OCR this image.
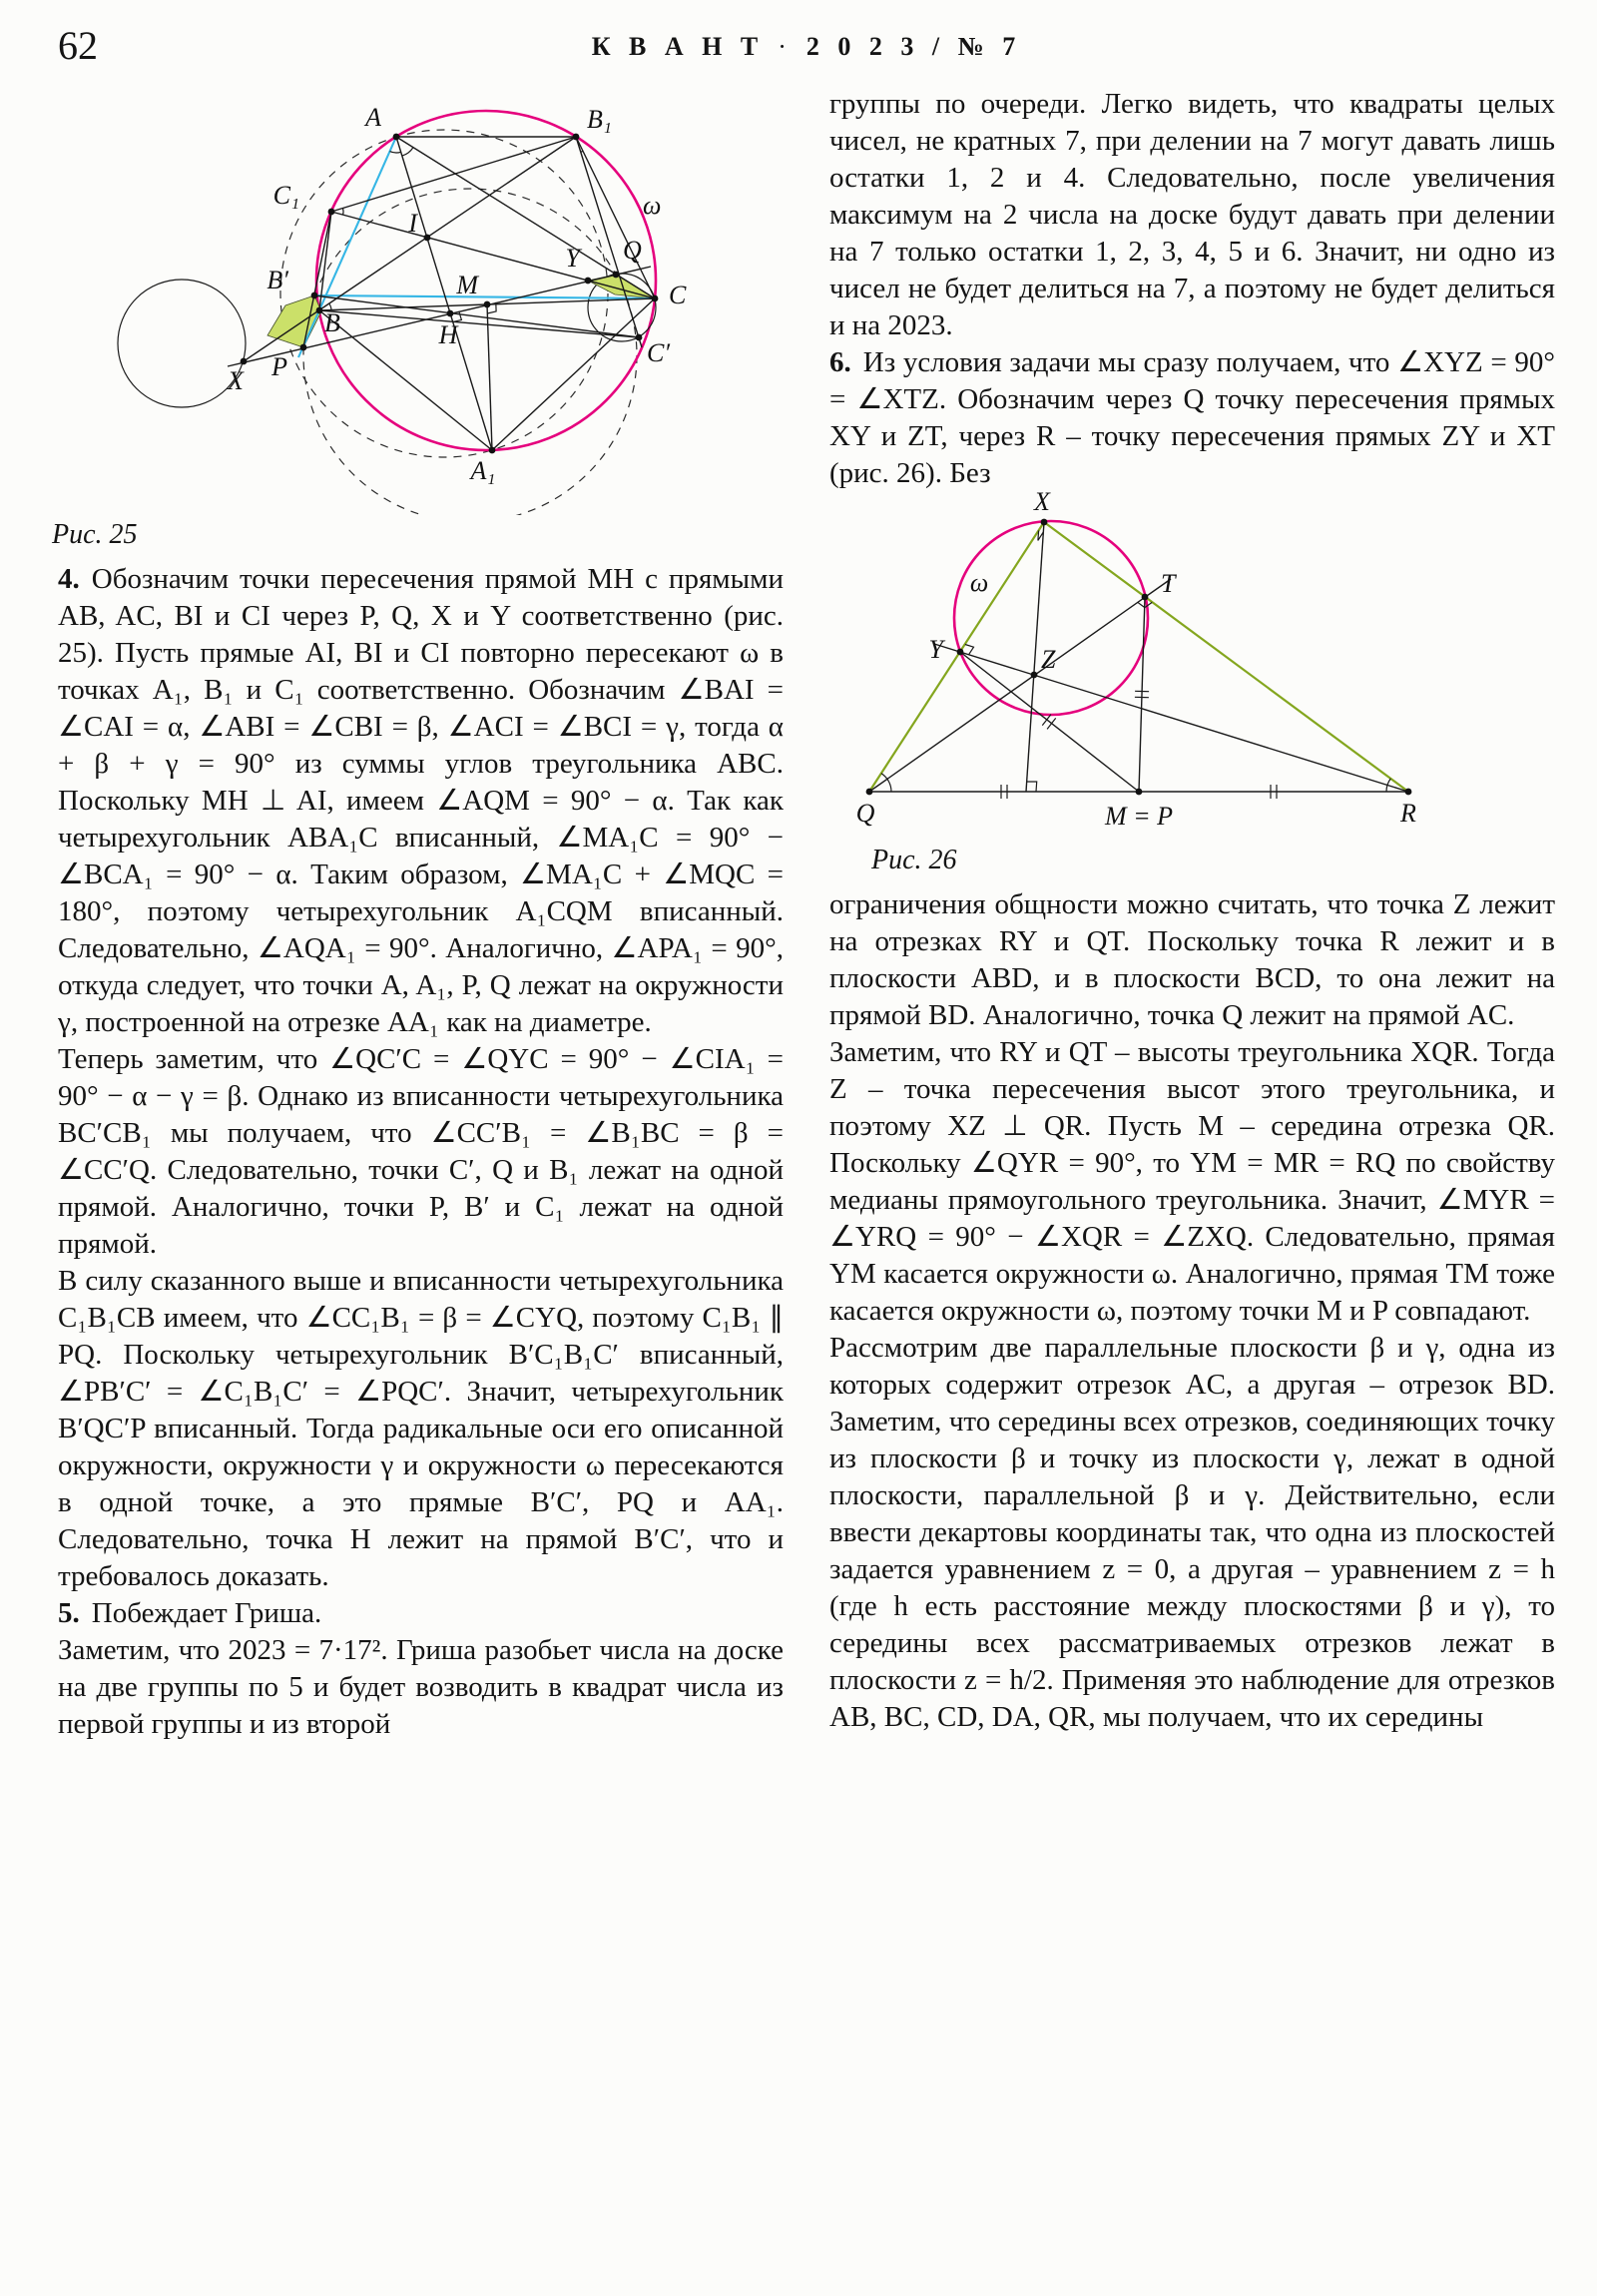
62	К В А Н Т · 2 0 2 3 / № 7
A	B₁
C₁	ω
I
Y Q
B′	M	C
B	H
X P
A₁
C′
Рис. 25

4. Обозначим точки пересечения прямой MH с прямыми AB, AC, BI и CI через P, Q, X и Y соответственно (рис. 25). Пусть прямые AI, BI и CI повторно пересекают ω в точках A₁, B₁ и C₁ соответственно. Обозначим ∠BAI = ∠CAI = α, ∠ABI = ∠CBI = β, ∠ACI = ∠BCI = γ, тогда α + β + γ = 90° из суммы углов треугольника ABC. Поскольку MH ⊥ AI, имеем ∠AQM = 90° − α. Так как четырехугольник ABA₁C вписанный, ∠MA₁C = 90° − ∠BCA₁ = 90° − α. Таким образом, ∠MA₁C + ∠MQC = 180°, поэтому четырехугольник A₁CQM вписанный. Следовательно, ∠AQA₁ = 90°. Аналогично, ∠APA₁ = 90°, откуда следует, что точки A, A₁, P, Q лежат на окружности γ, построенной на отрезке AA₁ как на диаметре.

Теперь заметим, что ∠QC′C = ∠QYC = 90° − ∠CIA₁ = 90° − α − γ = β. Однако из вписанности четырехугольника BC′CB₁ мы получаем, что ∠CC′B₁ = ∠B₁BC = β = ∠CC′Q. Следовательно, точки C′, Q и B₁ лежат на одной прямой. Аналогично, точки P, B′ и C₁ лежат на одной прямой.

В силу сказанного выше и вписанности четырехугольника C₁B₁CB имеем, что ∠CC₁B₁ = β = ∠CYQ, поэтому C₁B₁ ∥ PQ. Поскольку четырехугольник B′C₁B₁C′ вписанный, ∠PB′C′ = ∠C₁B₁C′ = ∠PQC′. Значит, четырехугольник B′QC′P вписанный. Тогда радикальные оси его описанной окружности, окружности γ и окружности ω пересекаются в одной точке, а это прямые B′C′, PQ и AA₁. Следовательно, точка H лежит на прямой B′C′, что и требовалось доказать.

5. Побеждает Гриша.

Заметим, что 2023 = 7·17². Гриша разобьет числа на доске на две группы по 5 и будет возводить в квадрат числа из первой группы и из второй

группы по очереди. Легко видеть, что квадраты целых чисел, не кратных 7, при делении на 7 могут давать лишь остатки 1, 2 и 4. Следовательно, после увеличения максимум на 2 числа на доске будут давать при делении на 7 только остатки 1, 2, 3, 4, 5 и 6. Значит, ни одно из чисел не будет делиться на 7, а поэтому не будет делиться и на 2023.

6. Из условия задачи мы сразу получаем, что ∠XYZ = 90° = ∠XTZ. Обозначим через Q точку пересечения прямых XY и ZT, через R – точку пересечения прямых ZY и XT (рис. 26). Без

X
T
ω
Y	Z
Q	M = P	R
Рис. 26

ограничения общности можно считать, что точка Z лежит на отрезках RY и QT. Поскольку точка R лежит и в плоскости ABD, и в плоскости BCD, то она лежит на прямой BD. Аналогично, точка Q лежит на прямой AC.

Заметим, что RY и QT – высоты треугольника XQR. Тогда Z – точка пересечения высот этого треугольника, и поэтому XZ ⊥ QR. Пусть M – середина отрезка QR. Поскольку ∠QYR = 90°, то YM = MR = RQ по свойству медианы прямоугольного треугольника. Значит, ∠MYR = ∠YRQ = 90° − ∠XQR = ∠ZXQ. Следовательно, прямая YM касается окружности ω. Аналогично, прямая TM тоже касается окружности ω, поэтому точки M и P совпадают.

Рассмотрим две параллельные плоскости β и γ, одна из которых содержит отрезок AC, а другая – отрезок BD. Заметим, что середины всех отрезков, соединяющих точку из плоскости β и точку из плоскости γ, лежат в одной плоскости, параллельной β и γ. Действительно, если ввести декартовы координаты так, что одна из плоскостей задается уравнением z = 0, а другая – уравнением z = h (где h есть расстояние между плоскостями β и γ), то середины всех рассматриваемых отрезков лежат в плоскости z = h/2. Применяя это наблюдение для отрезков AB, BC, CD, DA, QR, мы получаем, что их середины
